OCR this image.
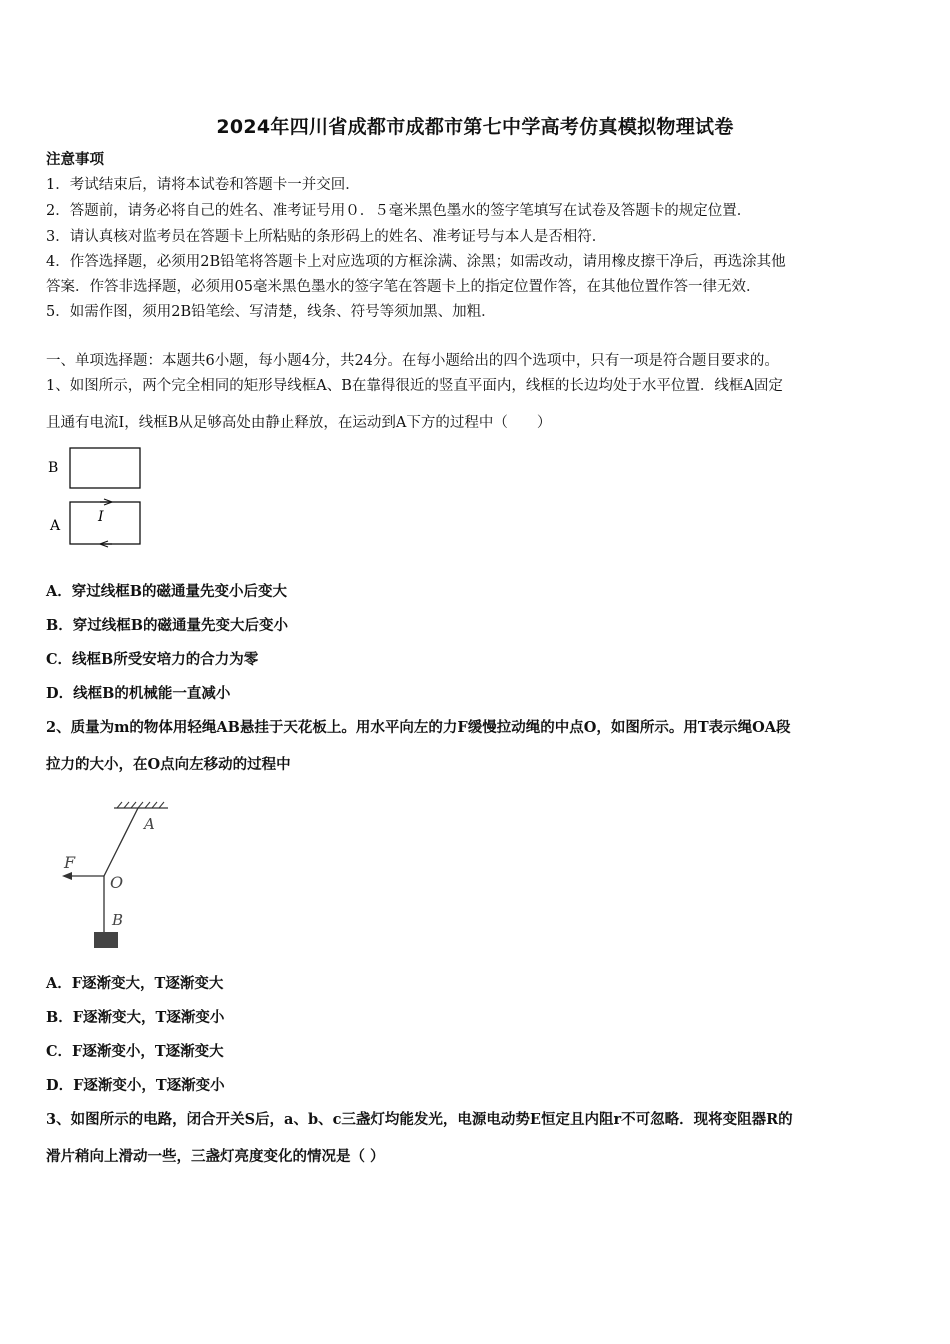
2024年四川省成都市成都市第七中学高考仿真模拟物理试卷
注意事项
1．考试结束后，请将本试卷和答题卡一并交回．
2．答题前，请务必将自己的姓名、准考证号用０．５毫米黑色墨水的签字笔填写在试卷及答题卡的规定位置．
3．请认真核对监考员在答题卡上所粘贴的条形码上的姓名、准考证号与本人是否相符．
4．作答选择题，必须用2B铅笔将答题卡上对应选项的方框涂满、涂黑；如需改动，请用橡皮擦干净后，再选涂其他
答案．作答非选择题，必须用05毫米黑色墨水的签字笔在答题卡上的指定位置作答，在其他位置作答一律无效．
5．如需作图，须用2B铅笔绘、写清楚，线条、符号等须加黑、加粗．
一、单项选择题：本题共6小题，每小题4分，共24分。在每小题给出的四个选项中，只有一项是符合题目要求的。
1、如图所示，两个完全相同的矩形导线框A、B在靠得很近的竖直平面内，线框的长边均处于水平位置．线框A固定
且通有电流I，线框B从足够高处由静止释放，在运动到A下方的过程中（　　）
B
A
I
A．穿过线框B的磁通量先变小后变大
B．穿过线框B的磁通量先变大后变小
C．线框B所受安培力的合力为零
D．线框B的机械能一直减小
2、质量为m的物体用轻绳AB悬挂于天花板上。用水平向左的力F缓慢拉动绳的中点O，如图所示。用T表示绳OA段
拉力的大小，在O点向左移动的过程中
A
F
O
B
A．F逐渐变大，T逐渐变大
B．F逐渐变大，T逐渐变小
C．F逐渐变小，T逐渐变大
D．F逐渐变小，T逐渐变小
3、如图所示的电路，闭合开关S后，a、b、c三盏灯均能发光，电源电动势E恒定且内阻r不可忽略．现将变阻器R的
滑片稍向上滑动一些，三盏灯亮度变化的情况是（ ）
